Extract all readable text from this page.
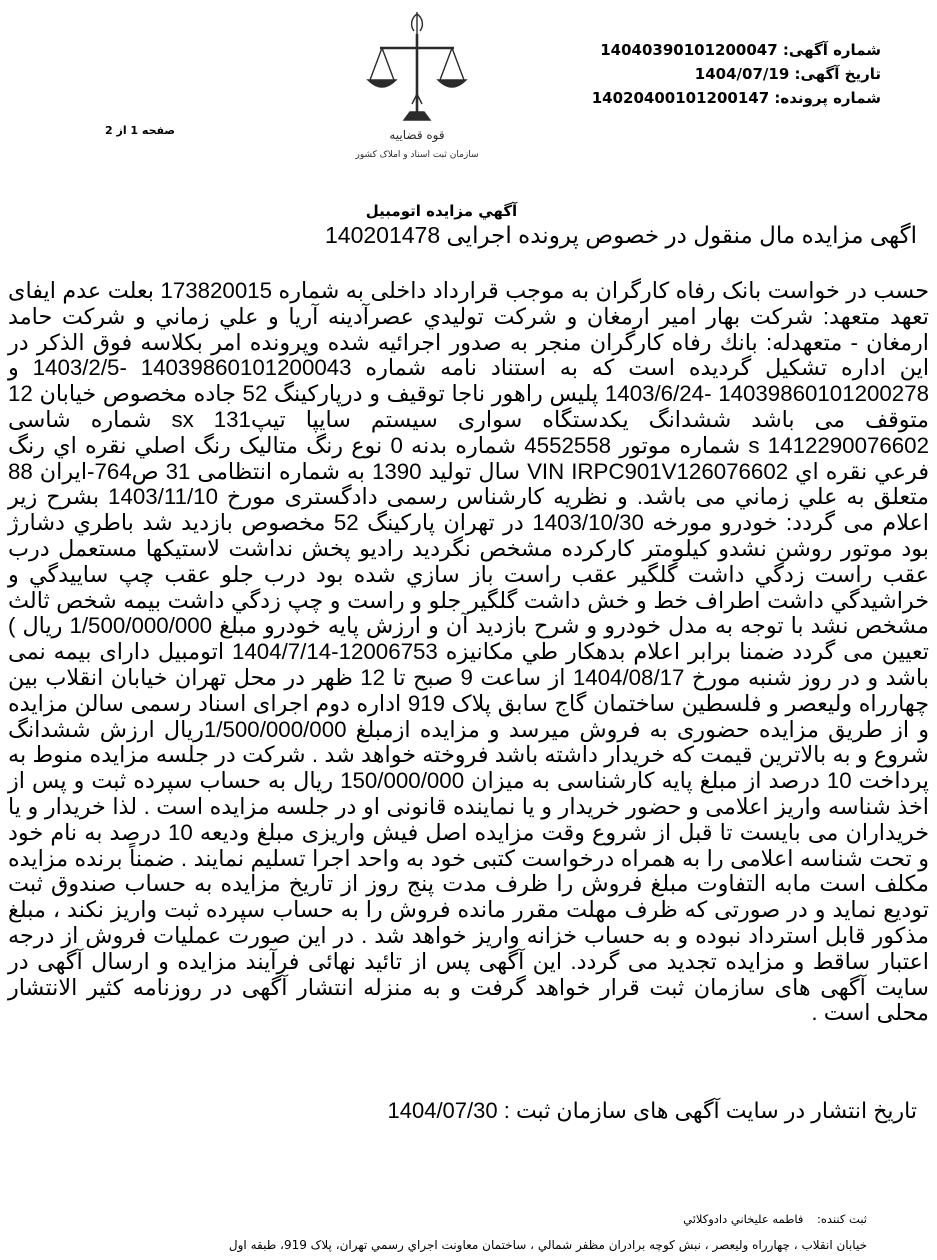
شماره آگهی: 14040390101200047
تاریخ آگهی: 1404/07/19
شماره پرونده: 14020400101200147
صفحه 1 از 2	قوه قضاییه
سازمان ثبت اسناد و املاک کشور
آگهي مزايده اتومبيل
اگهی مزایده مال منقول در خصوص پرونده اجرایی 140201478
حسب در خواست بانک رفاه کارگران به موجب قرارداد داخلی به شماره 173820015 بعلت عدم ایفای تعهد متعهد: شرکت بهار امير ارمغان و شرکت توليدي عصرآدينه آريا و علي زماني و شرکت حامد ارمغان - متعهدله: بانك رفاه كارگران منجر به صدور اجرائيه شده وپرونده امر بكلاسه فوق الذكر در اين اداره تشكيل گرديده است كه به استناد نامه شماره 14039860101200043 -1403/2/5 و 14039860101200278 -1403/6/24 پلیس راهور ناجا توقیف و درپارکینگ 52 جاده مخصوص خیابان 12 متوقف می باشد ششدانگ یکدستگاه سواری سیستم سایپا تیپ131 sx شماره شاسی 1412290076602 s شماره موتور 4552558 شماره بدنه 0 نوع رنگ متاليک رنگ اصلي نقره اي رنگ فرعي نقره اي VIN IRPC901V126076602 سال تولید 1390 به شماره انتظامی 31 ص764-ایران 88 متعلق به علي زماني می باشد. و نظریه کارشناس رسمی دادگستری مورخ 1403/11/10 بشرح زیر اعلام می گردد: خودرو مورخه 1403/10/30 در تهران پارکینگ 52 مخصوص بازديد شد باطري دشارژ بود موتور روشن نشدو کيلومتر کارکرده مشخص نگرديد راديو پخش نداشت لاستيکها مستعمل درب عقب راست زدگي داشت گلگير عقب راست باز سازي شده بود درب جلو عقب چپ سايیدگي و خراشيدگي داشت اطراف خط و خش داشت گلگير جلو و راست و چپ زدگي داشت بيمه شخص ثالث مشخص نشد با توجه به مدل خودرو و شرح بازديد آن و ارزش پايه خودرو مبلغ 1/500/000/000 ريال ) تعيين می گردد ضمنا برابر اعلام بدهکار طي مکانيزه 12006753-1404/7/14 اتومبیل دارای بیمه نمی باشد و در روز شنبه مورخ 1404/08/17 از ساعت 9 صبح تا 12 ظهر در محل تهران خیابان انقلاب بين چهارراه وليعصر و فلسطين ساختمان گاج سابق پلاک 919 اداره دوم اجرای اسناد رسمی سالن مزايده و از طریق مزایده حضوری به فروش میرسد و مزایده ازمبلغ 1/500/000/000ریال ارزش ششدانگ شروع و به بالاترین قیمت که خریدار داشته باشد فروخته خواهد شد . شرکت در جلسه مزایده منوط به پرداخت 10 درصد از مبلغ پایه کارشناسی به میزان 150/000/000 ریال به حساب سپرده ثبت و پس از اخذ شناسه واریز اعلامی و حضور خریدار و یا نماینده قانونی او در جلسه مزایده است . لذا خریدار و یا خریداران می بایست تا قبل از شروع وقت مزایده اصل فیش واریزی مبلغ ودیعه 10 درصد به نام خود و تحت شناسه اعلامی را به همراه درخواست کتبی خود به واحد اجرا تسلیم نمایند . ضمناً برنده مزایده مکلف است مابه التفاوت مبلغ فروش را ظرف مدت پنج روز از تاریخ مزایده به حساب صندوق ثبت تودیع نماید و در صورتی که ظرف مهلت مقرر مانده فروش را به حساب سپرده ثبت واریز نکند ، مبلغ مذکور قابل استرداد نبوده و به حساب خزانه واریز خواهد شد . در این صورت عملیات فروش از درجه اعتبار ساقط و مزایده تجدید می گردد. این آگهی پس از تائید نهائی فرآیند مزایده و ارسال آگهی در سایت آگهی های سازمان ثبت قرار خواهد گرفت و به منزله انتشار آگهی در روزنامه کثیر الانتشار محلی است .
تاریخ انتشار در سایت آگهی های سازمان ثبت : 1404/07/30
ثبت کننده: فاطمه عليخاني دادوکلائي
خيابان انقلاب ، چهارراه وليعصر ، نبش كوچه برادران مظفر شمالي ، ساختمان معاونت اجراي رسمي تهران، پلاک 919، طبقه اول
